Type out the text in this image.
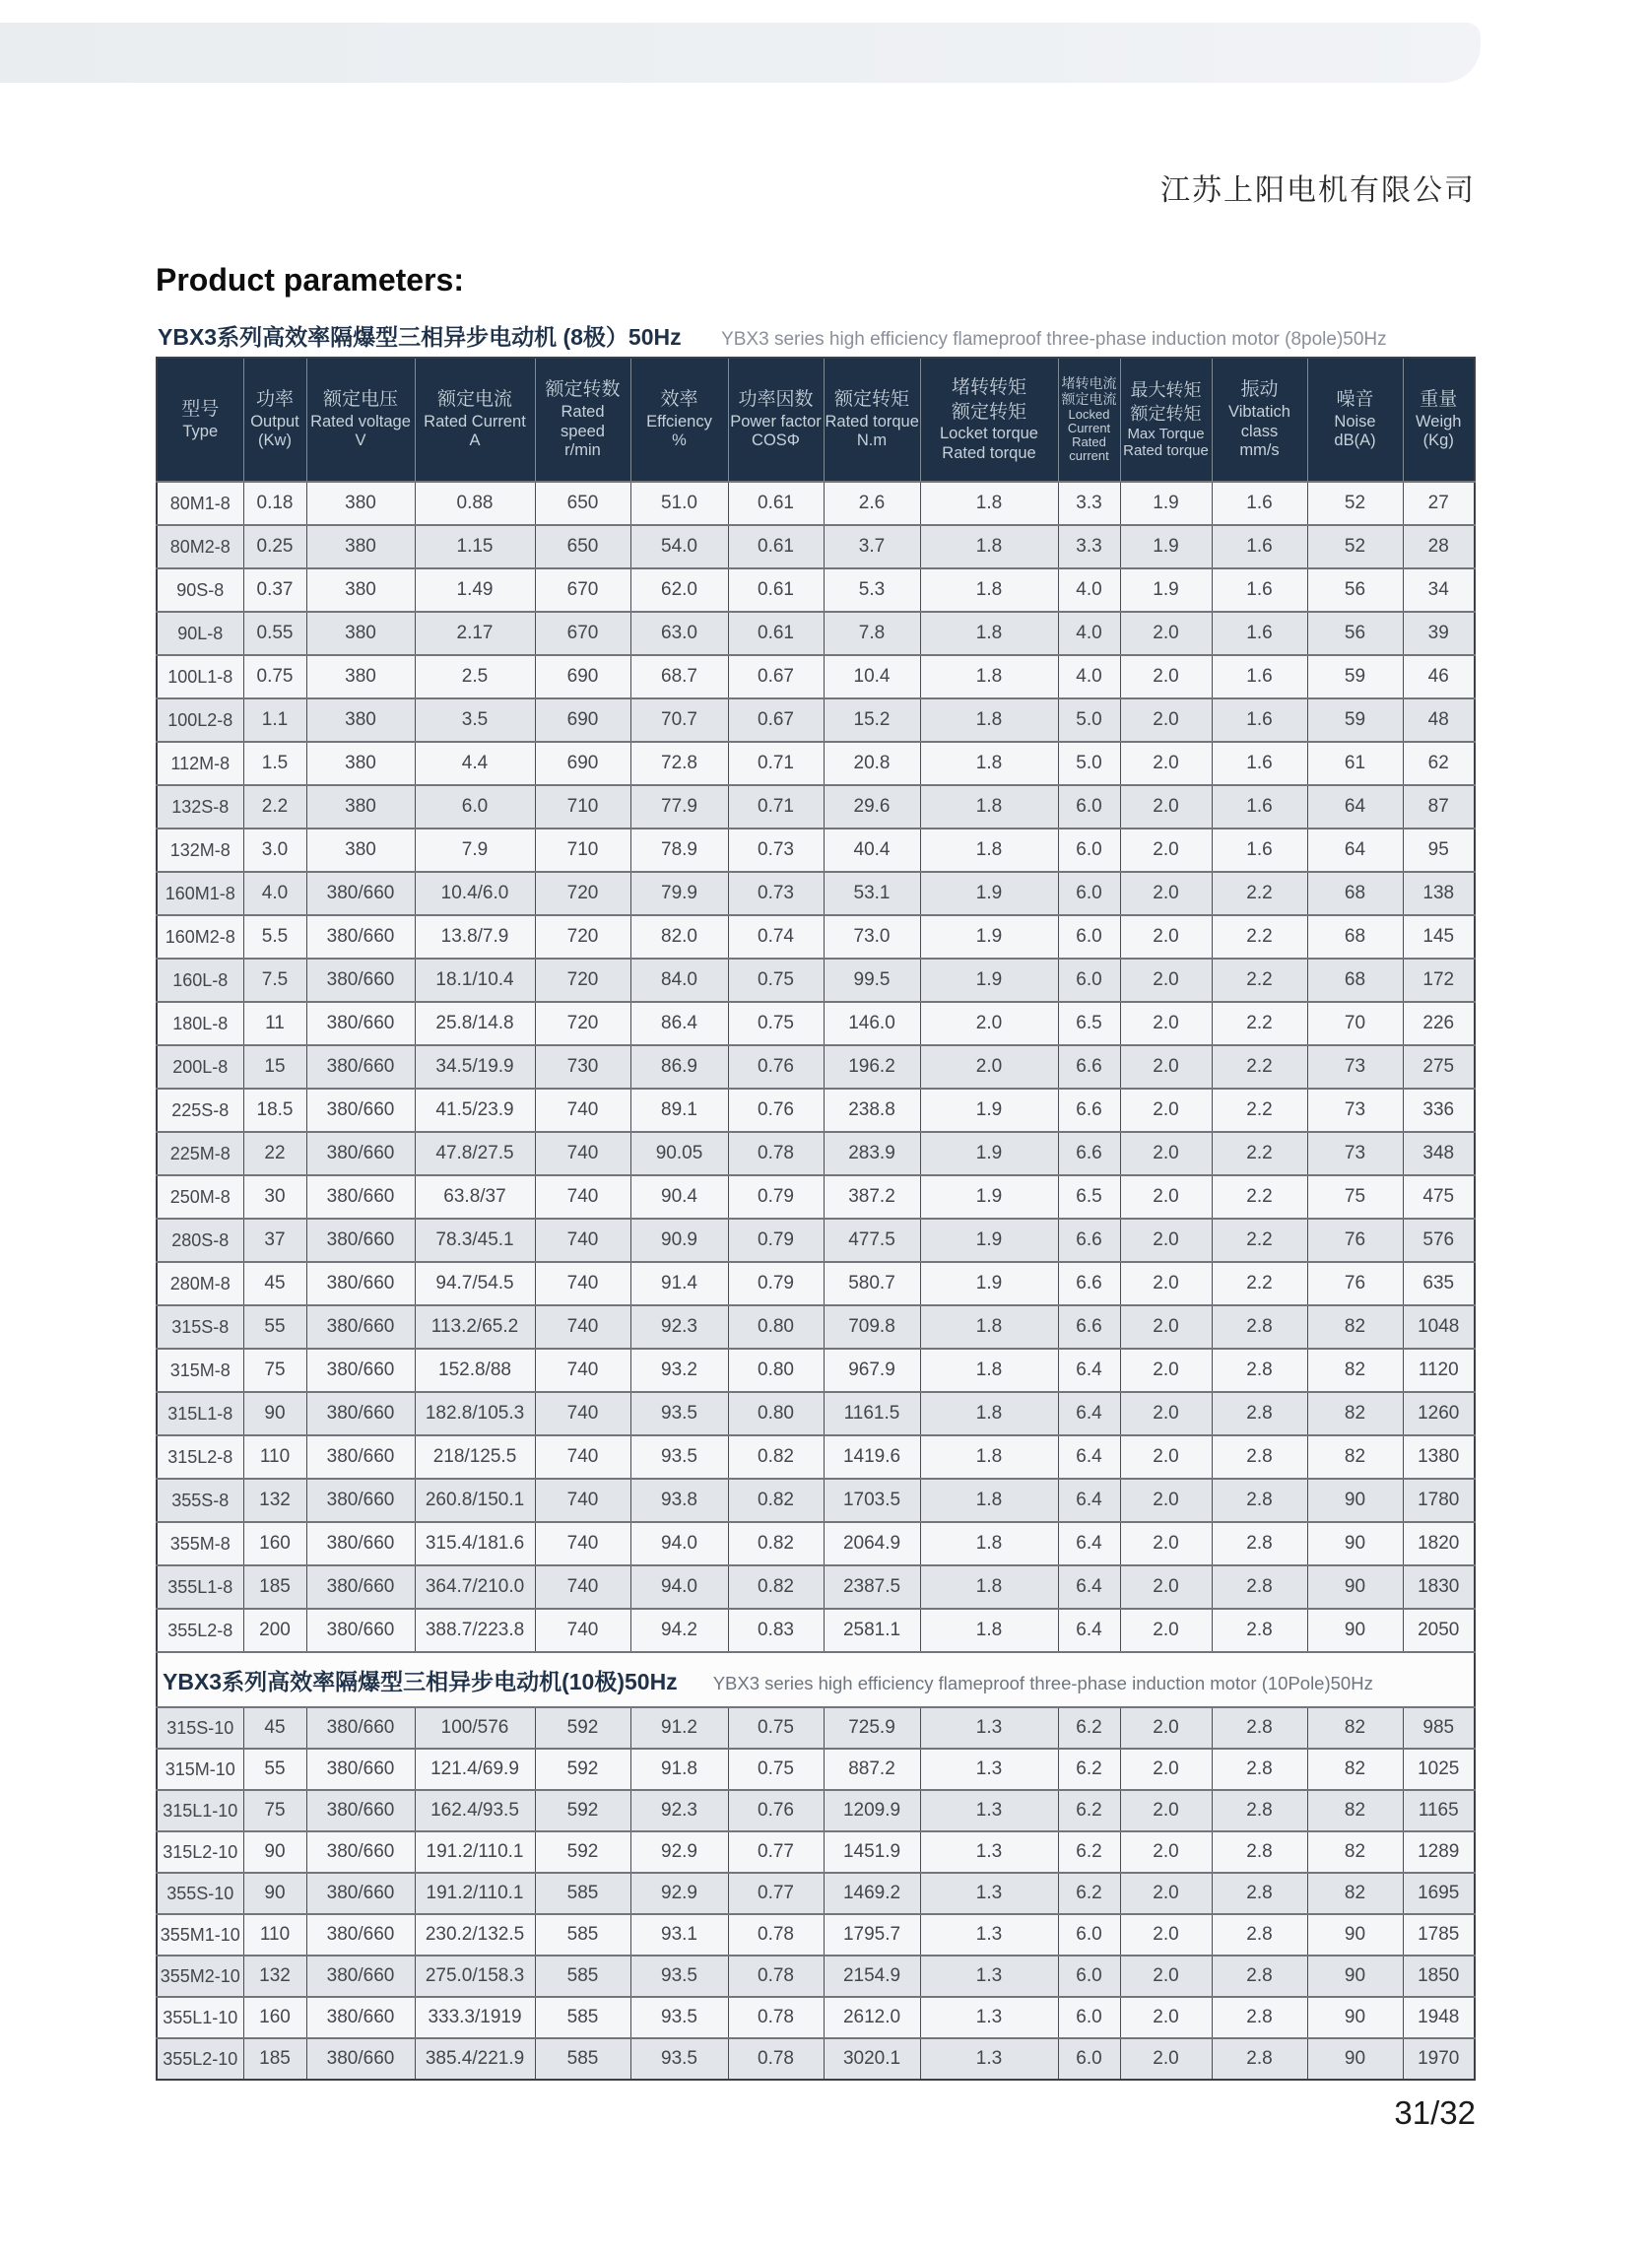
江苏上阳电机有限公司
Product parameters:
YBX3系列高效率隔爆型三相异步电动机 (8极）50Hz YBX3 series high efficiency flameproof three-phase induction motor (8pole)50Hz
型号
Type

功率
Output
(Kw)

额定电压
Rated voltage
V

额定电流
Rated Current
A

额定转数
Rated
speed
r/min

效率
Effciency
%

功率因数
Power factor
COSΦ

额定转矩
Rated torque
N.m

堵转转矩
额定转矩
Locket torque
Rated torque

堵转电流
额定电流
Locked
Current
Rated
current

最大转矩
额定转矩
Max Torque
Rated torque

振动
Vibtatich
class
mm/s

噪音
Noise
dB(A)

重量
Weigh
(Kg)

80M1-8	0.18	380	0.88	650	51.0	0.61	2.6	1.8	3.3	1.9	1.6	52	27
80M2-8	0.25	380	1.15	650	54.0	0.61	3.7	1.8	3.3	1.9	1.6	52	28
90S-8	0.37	380	1.49	670	62.0	0.61	5.3	1.8	4.0	1.9	1.6	56	34
90L-8	0.55	380	2.17	670	63.0	0.61	7.8	1.8	4.0	2.0	1.6	56	39
100L1-8	0.75	380	2.5	690	68.7	0.67	10.4	1.8	4.0	2.0	1.6	59	46
100L2-8	1.1	380	3.5	690	70.7	0.67	15.2	1.8	5.0	2.0	1.6	59	48
112M-8	1.5	380	4.4	690	72.8	0.71	20.8	1.8	5.0	2.0	1.6	61	62
132S-8	2.2	380	6.0	710	77.9	0.71	29.6	1.8	6.0	2.0	1.6	64	87
132M-8	3.0	380	7.9	710	78.9	0.73	40.4	1.8	6.0	2.0	1.6	64	95
160M1-8	4.0	380/660	10.4/6.0	720	79.9	0.73	53.1	1.9	6.0	2.0	2.2	68	138
160M2-8	5.5	380/660	13.8/7.9	720	82.0	0.74	73.0	1.9	6.0	2.0	2.2	68	145
160L-8	7.5	380/660	18.1/10.4	720	84.0	0.75	99.5	1.9	6.0	2.0	2.2	68	172
180L-8	11	380/660	25.8/14.8	720	86.4	0.75	146.0	2.0	6.5	2.0	2.2	70	226
200L-8	15	380/660	34.5/19.9	730	86.9	0.76	196.2	2.0	6.6	2.0	2.2	73	275
225S-8	18.5	380/660	41.5/23.9	740	89.1	0.76	238.8	1.9	6.6	2.0	2.2	73	336
225M-8	22	380/660	47.8/27.5	740	90.05	0.78	283.9	1.9	6.6	2.0	2.2	73	348
250M-8	30	380/660	63.8/37	740	90.4	0.79	387.2	1.9	6.5	2.0	2.2	75	475
280S-8	37	380/660	78.3/45.1	740	90.9	0.79	477.5	1.9	6.6	2.0	2.2	76	576
280M-8	45	380/660	94.7/54.5	740	91.4	0.79	580.7	1.9	6.6	2.0	2.2	76	635
315S-8	55	380/660	113.2/65.2	740	92.3	0.80	709.8	1.8	6.6	2.0	2.8	82	1048
315M-8	75	380/660	152.8/88	740	93.2	0.80	967.9	1.8	6.4	2.0	2.8	82	1120
315L1-8	90	380/660	182.8/105.3	740	93.5	0.80	1161.5	1.8	6.4	2.0	2.8	82	1260
315L2-8	110	380/660	218/125.5	740	93.5	0.82	1419.6	1.8	6.4	2.0	2.8	82	1380
355S-8	132	380/660	260.8/150.1	740	93.8	0.82	1703.5	1.8	6.4	2.0	2.8	90	1780
355M-8	160	380/660	315.4/181.6	740	94.0	0.82	2064.9	1.8	6.4	2.0	2.8	90	1820
355L1-8	185	380/660	364.7/210.0	740	94.0	0.82	2387.5	1.8	6.4	2.0	2.8	90	1830
355L2-8	200	380/660	388.7/223.8	740	94.2	0.83	2581.1	1.8	6.4	2.0	2.8	90	2050
YBX3系列高效率隔爆型三相异步电动机(10极)50Hz YBX3 series high efficiency flameproof three-phase induction motor (10Pole)50Hz													
315S-10	45	380/660	100/576	592	91.2	0.75	725.9	1.3	6.2	2.0	2.8	82	985
315M-10	55	380/660	121.4/69.9	592	91.8	0.75	887.2	1.3	6.2	2.0	2.8	82	1025
315L1-10	75	380/660	162.4/93.5	592	92.3	0.76	1209.9	1.3	6.2	2.0	2.8	82	1165
315L2-10	90	380/660	191.2/110.1	592	92.9	0.77	1451.9	1.3	6.2	2.0	2.8	82	1289
355S-10	90	380/660	191.2/110.1	585	92.9	0.77	1469.2	1.3	6.2	2.0	2.8	82	1695
355M1-10	110	380/660	230.2/132.5	585	93.1	0.78	1795.7	1.3	6.0	2.0	2.8	90	1785
355M2-10	132	380/660	275.0/158.3	585	93.5	0.78	2154.9	1.3	6.0	2.0	2.8	90	1850
355L1-10	160	380/660	333.3/1919	585	93.5	0.78	2612.0	1.3	6.0	2.0	2.8	90	1948
355L2-10	185	380/660	385.4/221.9	585	93.5	0.78	3020.1	1.3	6.0	2.0	2.8	90	1970
31/32
